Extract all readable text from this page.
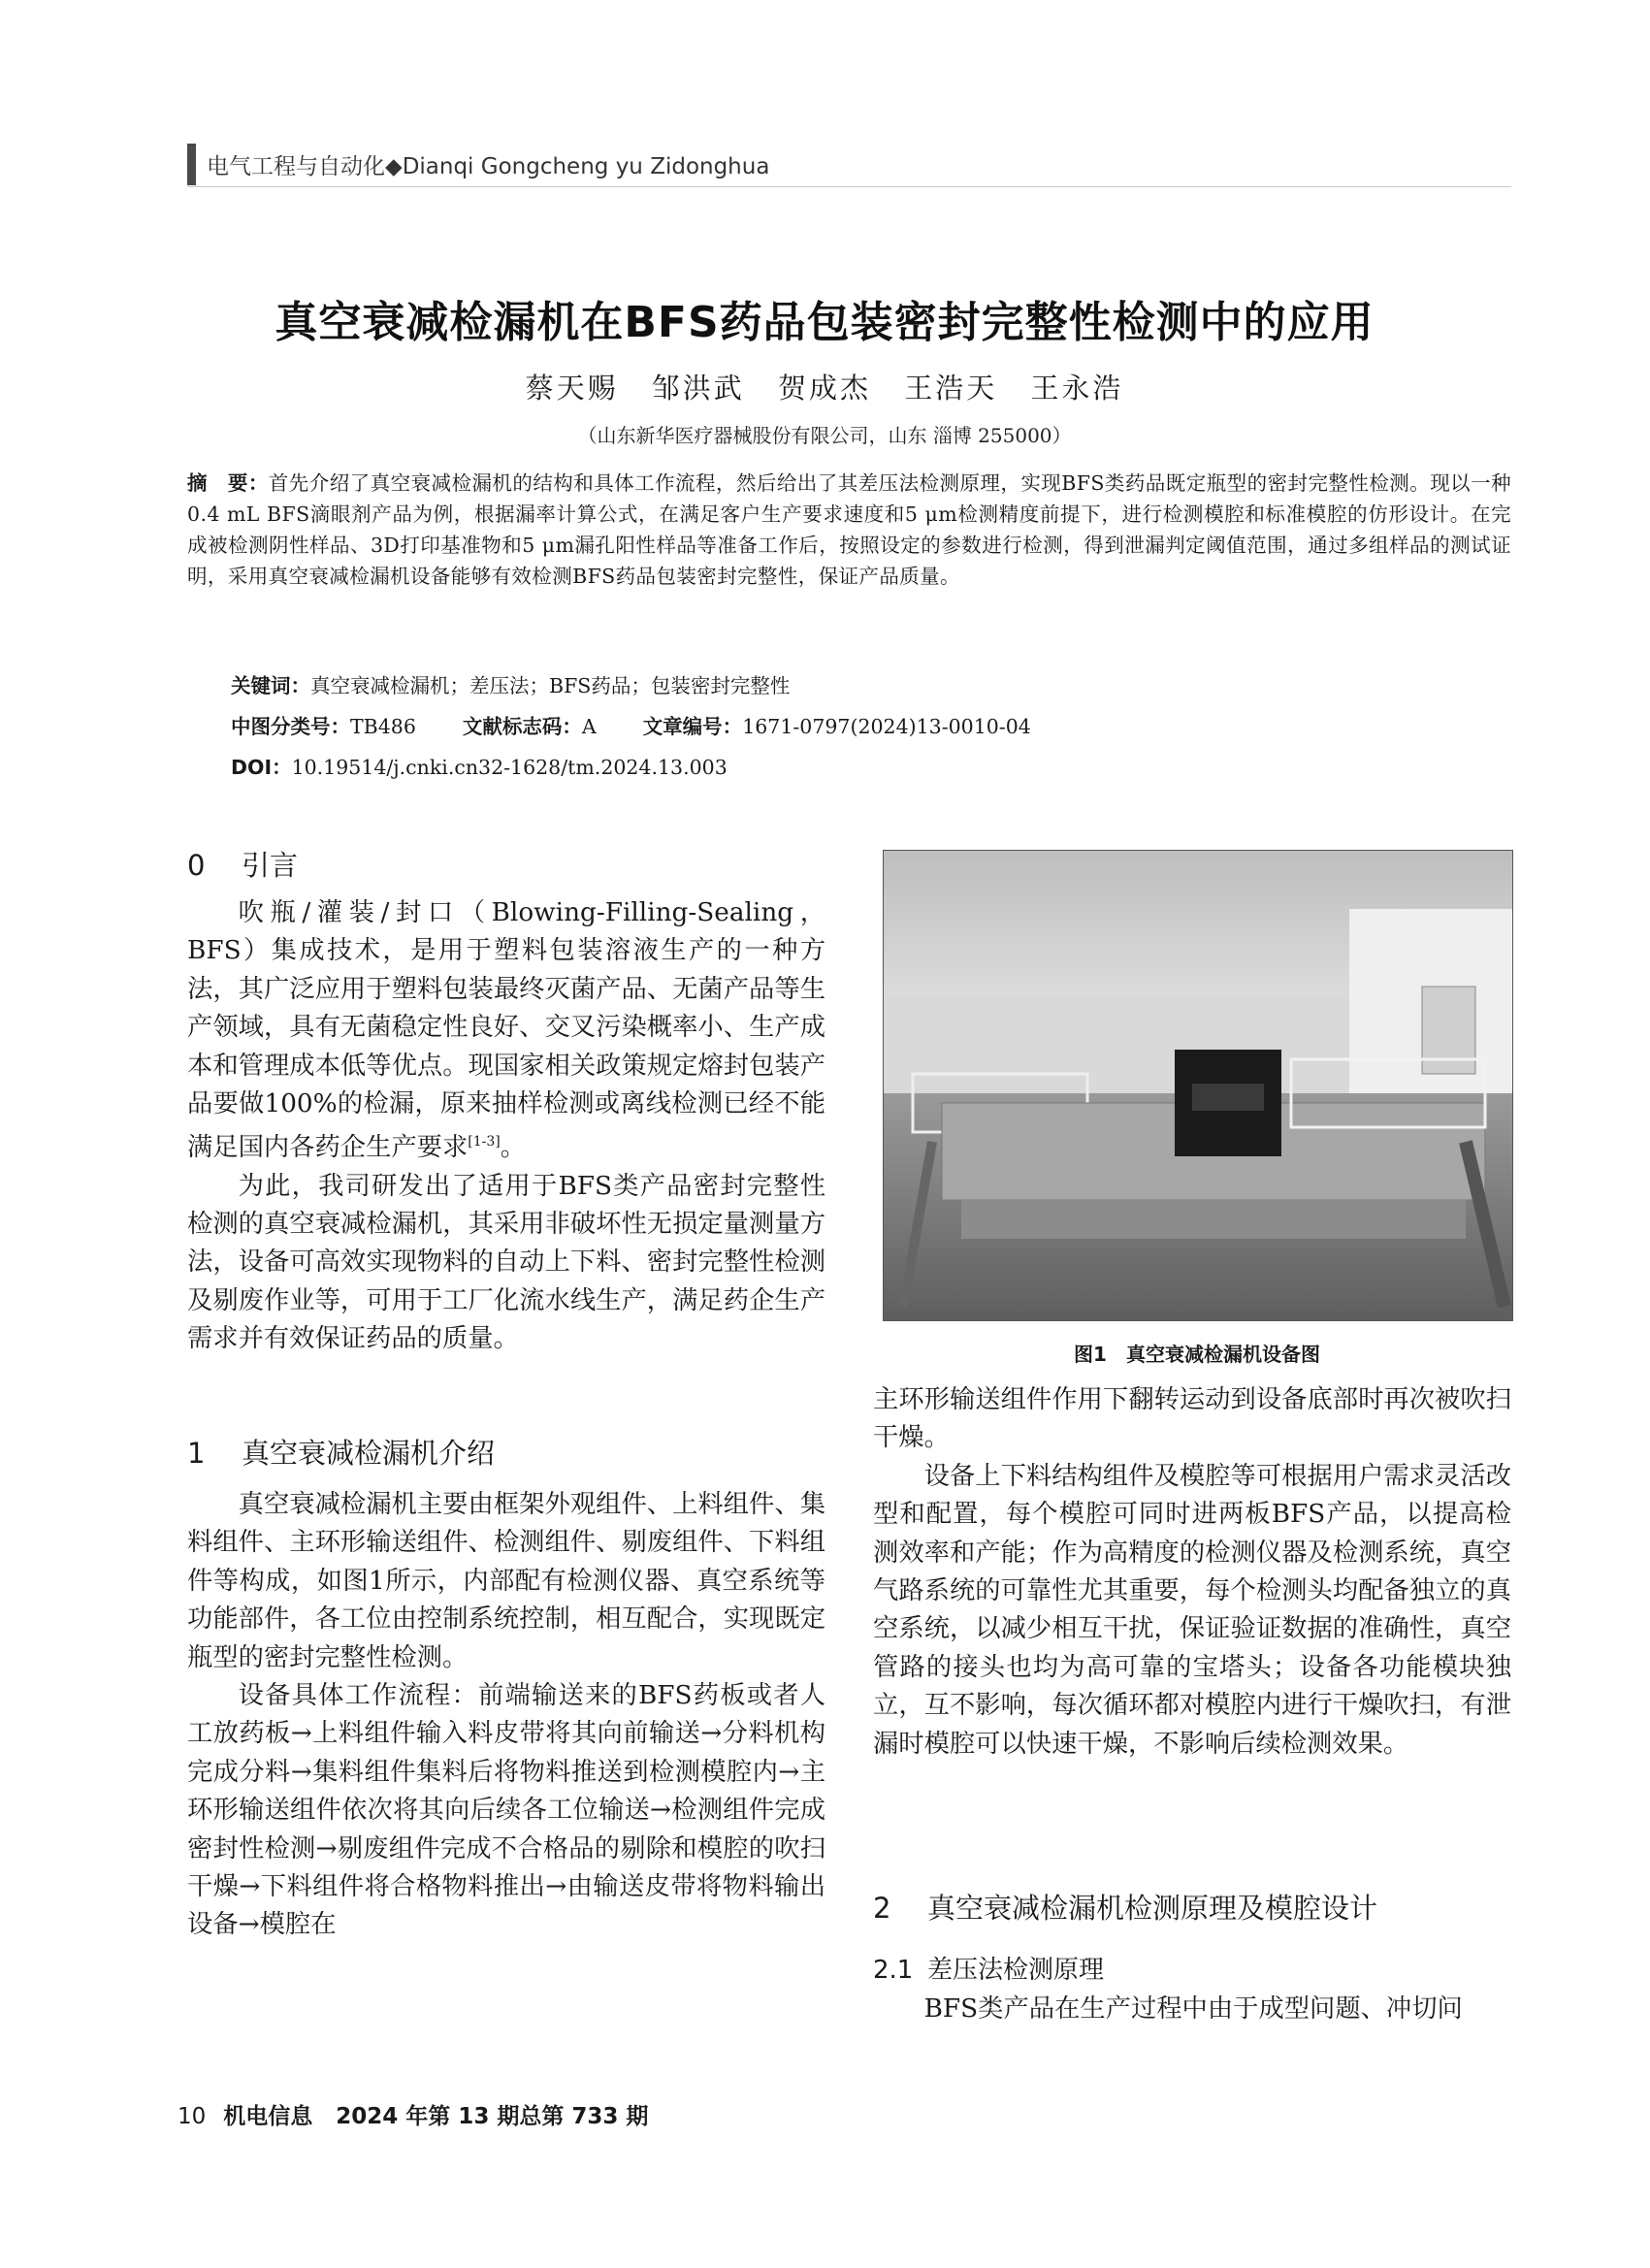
电气工程与自动化◆Dianqi Gongcheng yu Zidonghua
真空衰减检漏机在BFS药品包装密封完整性检测中的应用
蔡天赐 邹洪武 贺成杰 王浩天 王永浩
（山东新华医疗器械股份有限公司，山东 淄博 255000）
摘　要：首先介绍了真空衰减检漏机的结构和具体工作流程，然后给出了其差压法检测原理，实现BFS类药品既定瓶型的密封完整性检测。现以一种0.4 mL BFS滴眼剂产品为例，根据漏率计算公式，在满足客户生产要求速度和5 μm检测精度前提下，进行检测模腔和标准模腔的仿形设计。在完成被检测阴性样品、3D打印基准物和5 μm漏孔阳性样品等准备工作后，按照设定的参数进行检测，得到泄漏判定阈值范围，通过多组样品的测试证明，采用真空衰减检漏机设备能够有效检测BFS药品包装密封完整性，保证产品质量。
关键词：真空衰减检漏机；差压法；BFS药品；包装密封完整性
中图分类号：TB486 文献标志码：A 文章编号：1671-0797(2024)13-0010-04
DOI：10.19514/j.cnki.cn32-1628/tm.2024.13.003
0 引言

吹瓶/灌装/封口（Blowing-Filling-Sealing，BFS）集成技术，是用于塑料包装溶液生产的一种方法，其广泛应用于塑料包装最终灭菌产品、无菌产品等生产领域，具有无菌稳定性良好、交叉污染概率小、生产成本和管理成本低等优点。现国家相关政策规定熔封包装产品要做100%的检漏，原来抽样检测或离线检测已经不能满足国内各药企生产要求[1-3]。

为此，我司研发出了适用于BFS类产品密封完整性检测的真空衰减检漏机，其采用非破坏性无损定量测量方法，设备可高效实现物料的自动上下料、密封完整性检测及剔废作业等，可用于工厂化流水线生产，满足药企生产需求并有效保证药品的质量。

1 真空衰减检漏机介绍

真空衰减检漏机主要由框架外观组件、上料组件、集料组件、主环形输送组件、检测组件、剔废组件、下料组件等构成，如图1所示，内部配有检测仪器、真空系统等功能部件，各工位由控制系统控制，相互配合，实现既定瓶型的密封完整性检测。

设备具体工作流程：前端输送来的BFS药板或者人工放药板→上料组件输入料皮带将其向前输送→分料机构完成分料→集料组件集料后将物料推送到检测模腔内→主环形输送组件依次将其向后续各工位输送→检测组件完成密封性检测→剔废组件完成不合格品的剔除和模腔的吹扫干燥→下料组件将合格物料推出→由输送皮带将物料输出设备→模腔在

图1　真空衰减检漏机设备图

主环形输送组件作用下翻转运动到设备底部时再次被吹扫干燥。

设备上下料结构组件及模腔等可根据用户需求灵活改型和配置，每个模腔可同时进两板BFS产品，以提高检测效率和产能；作为高精度的检测仪器及检测系统，真空气路系统的可靠性尤其重要，每个检测头均配备独立的真空系统，以减少相互干扰，保证验证数据的准确性，真空管路的接头也均为高可靠的宝塔头；设备各功能模块独立，互不影响，每次循环都对模腔内进行干燥吹扫，有泄漏时模腔可以快速干燥，不影响后续检测效果。

2 真空衰减检漏机检测原理及模腔设计
2.1 差压法检测原理

BFS类产品在生产过程中由于成型问题、冲切问

10 机电信息 2024 年第 13 期总第 733 期
